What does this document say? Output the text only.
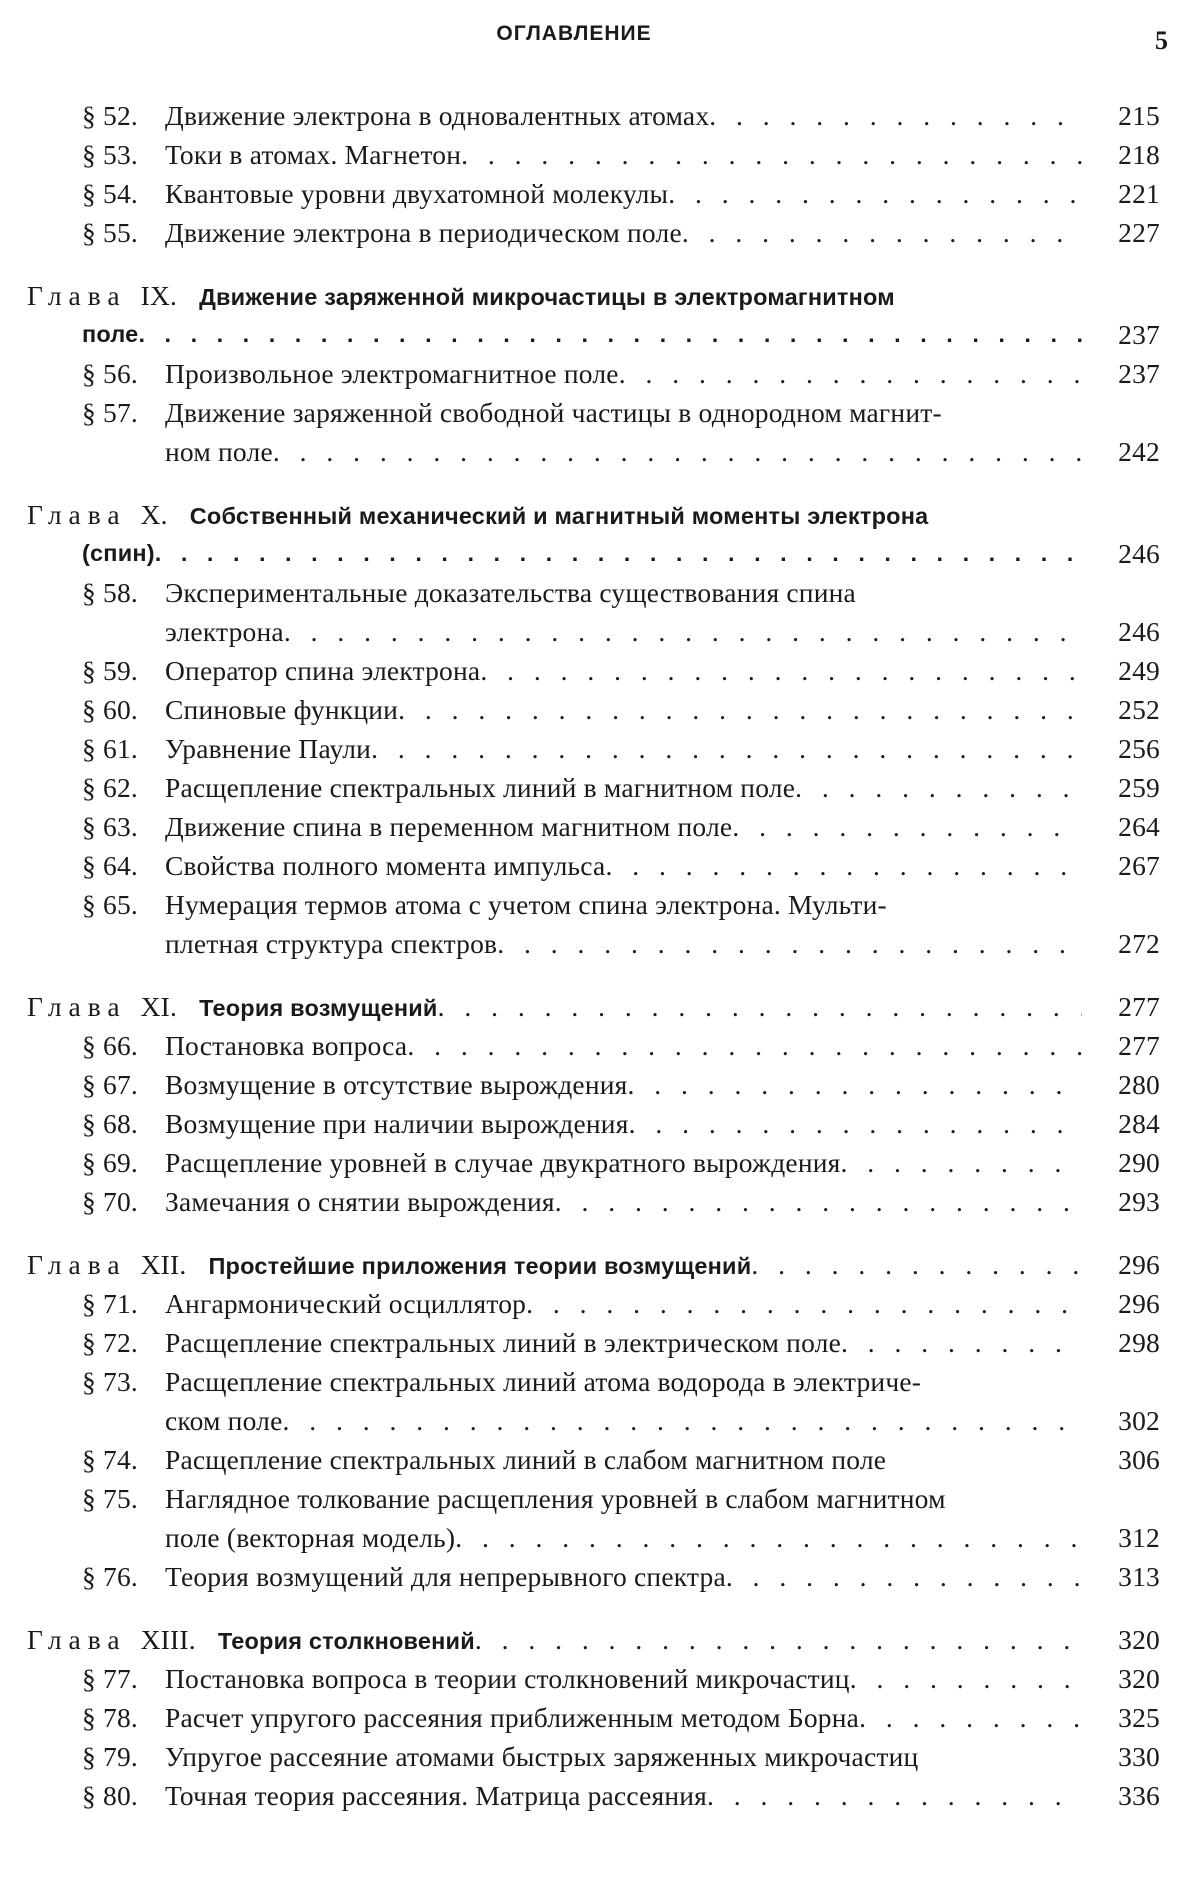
ОГЛАВЛЕНИЕ	5
§ 52. Движение электрона в одновалентных атомах. . . . . . . . . . . . . .	215
§ 53. Токи в атомах. Магнетон. . . . . . . . . . . . . . . . . . . . . . .	218
§ 54. Квантовые уровни двухатомной молекулы. . . . . . . . . . . . . . . .	221
§ 55. Движение электрона в периодическом поле. . . . . . . . . . . . . . .	227
Глава IX. Движение заряженной микрочастицы в электромагнитном
поле. . . . . . . . . . . . . . . . . . . . . . . . . . . . . . . . . . . .	237
§ 56. Произвольное электромагнитное поле. . . . . . . . . . . . . . . . .	237
§ 57. Движение заряженной свободной частицы в однородном магнит-
ном поле. . . . . . . . . . . . . . . . . . . . . . . . . . . . . .	242
Глава X. Собственный механический и магнитный моменты электрона
(спин). . . . . . . . . . . . . . . . . . . . . . . . . . . . . . . . . . . .	246
§ 58. Экспериментальные доказательства существования спина
электрона. . . . . . . . . . . . . . . . . . . . . . . . . . . . . .	246
§ 59. Оператор спина электрона. . . . . . . . . . . . . . . . . . . . . . .	249
§ 60. Спиновые функции. . . . . . . . . . . . . . . . . . . . . . . . . .	252
§ 61. Уравнение Паули. . . . . . . . . . . . . . . . . . . . . . . . . . .	256
§ 62. Расщепление спектральных линий в магнитном поле. . . . . . . . . . .	259
§ 63. Движение спина в переменном магнитном поле. . . . . . . . . . . . .	264
§ 64. Свойства полного момента импульса. . . . . . . . . . . . . . . . . .	267
§ 65. Нумерация термов атома с учетом спина электрона. Мульти-
плетная структура спектров. . . . . . . . . . . . . . . . . . . . . .	272
Глава XI. Теория возмущений. . . . . . . . . . . . . . . . . . . . . . . .	277
§ 66. Постановка вопроса. . . . . . . . . . . . . . . . . . . . . . . . .	277
§ 67. Возмущение в отсутствие вырождения. . . . . . . . . . . . . . . . .	280
§ 68. Возмущение при наличии вырождения. . . . . . . . . . . . . . . . .	284
§ 69. Расщепление уровней в случае двукратного вырождения. . . . . . . . .	290
§ 70. Замечания о снятии вырождения. . . . . . . . . . . . . . . . . . . .	293
Глава XII. Простейшие приложения теории возмущений. . . . . . . . . . . .	296
§ 71. Ангармонический осциллятор. . . . . . . . . . . . . . . . . . . . .	296
§ 72. Расщепление спектральных линий в электрическом поле. . . . . . . . .	298
§ 73. Расщепление спектральных линий атома водорода в электриче-
ском поле. . . . . . . . . . . . . . . . . . . . . . . . . . . . . .	302
§ 74. Расщепление спектральных линий в слабом магнитном поле	306
§ 75. Наглядное толкование расщепления уровней в слабом магнитном
поле (векторная модель). . . . . . . . . . . . . . . . . . . . . . .	312
§ 76. Теория возмущений для непрерывного спектра. . . . . . . . . . . . .	313
Глава XIII. Теория столкновений. . . . . . . . . . . . . . . . . . . . . . .	320
§ 77. Постановка вопроса в теории столкновений микрочастиц. . . . . . . . .	320
§ 78. Расчет упругого рассеяния приближенным методом Борна. . . . . . . .	325
§ 79. Упругое рассеяние атомами быстрых заряженных микрочастиц	330
§ 80. Точная теория рассеяния. Матрица рассеяния. . . . . . . . . . . . . .	336
